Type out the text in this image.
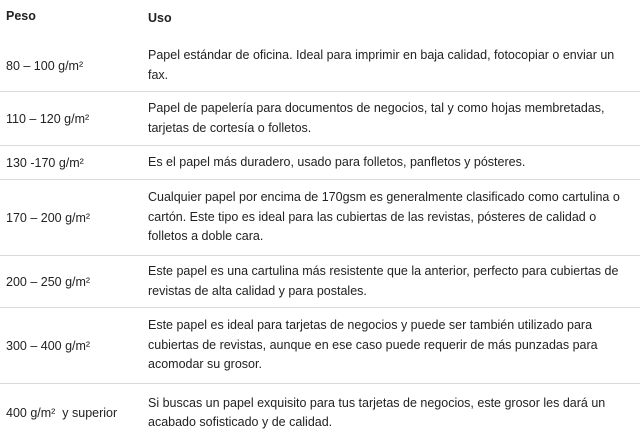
Peso	Uso
80 – 100 g/m²
Papel estándar de oficina. Ideal para imprimir en baja calidad, fotocopiar o enviar un fax.
110 – 120 g/m²
Papel de papelería para documentos de negocios, tal y como hojas membretadas, tarjetas de cortesía o folletos.
130 -170 g/m²	Es el papel más duradero, usado para folletos, panfletos y pósteres.
170 – 200 g/m²
Cualquier papel por encima de 170gsm es generalmente clasificado como cartulina o cartón. Este tipo es ideal para las cubiertas de las revistas, pósteres de calidad o folletos a doble cara.
200 – 250 g/m²
Este papel es una cartulina más resistente que la anterior, perfecto para cubiertas de revistas de alta calidad y para postales.
300 – 400 g/m²
Este papel es ideal para tarjetas de negocios y puede ser también utilizado para cubiertas de revistas, aunque en ese caso puede requerir de más punzadas para acomodar su grosor.
400 g/m²  y superior
Si buscas un papel exquisito para tus tarjetas de negocios, este grosor les dará un acabado sofisticado y de calidad.
